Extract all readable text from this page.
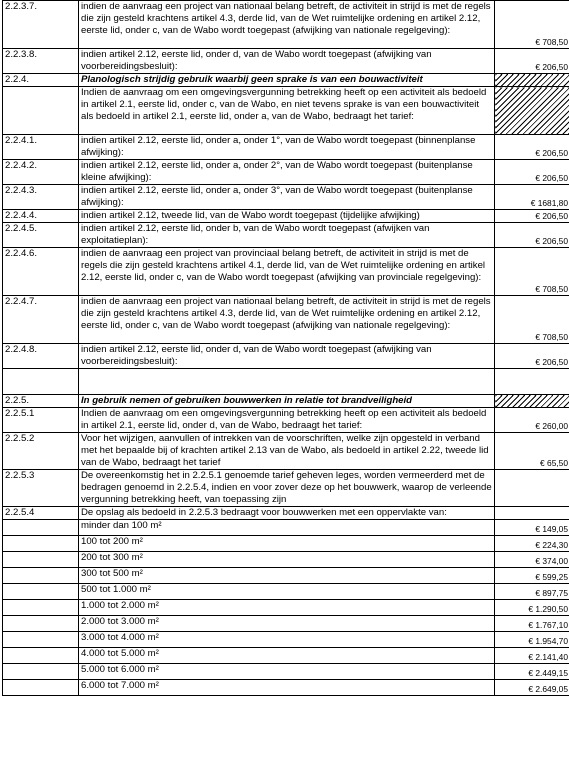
2.2.3.7.	indien de aanvraag een project van nationaal belang betreft, de activiteit in strijd is met de regels die zijn gesteld krachtens artikel 4.3, derde lid, van de Wet ruimtelijke ordening en artikel 2.12, eerste lid, onder c, van de Wabo wordt toegepast (afwijking van nationale regelgeving):	€ 708,50
2.2.3.8.	indien artikel 2.12, eerste lid, onder d, van de Wabo wordt toegepast (afwijking van voorbereidingsbesluit):	€ 206,50
2.2.4.	Planologisch strijdig gebruik waarbij geen sprake is van een bouwactiviteit	
	Indien de aanvraag om een omgevingsvergunning betrekking heeft op een activiteit als bedoeld in artikel 2.1, eerste lid, onder c, van de Wabo, en niet tevens sprake is van een bouwactiviteit als bedoeld in artikel 2.1, eerste lid, onder a, van de Wabo, bedraagt het tarief:	
2.2.4.1.	indien artikel 2.12, eerste lid, onder a, onder 1°, van de Wabo wordt toegepast (binnenplanse afwijking):	€ 206,50
2.2.4.2.	indien artikel 2.12, eerste lid, onder a, onder 2°, van de Wabo wordt toegepast (buitenplanse kleine afwijking):	€ 206,50
2.2.4.3.	indien artikel 2.12, eerste lid, onder a, onder 3°, van de Wabo wordt toegepast (buitenplanse afwijking):	€ 1681,80
2.2.4.4.	indien artikel 2.12, tweede lid, van de Wabo wordt toegepast (tijdelijke afwijking)	€ 206,50
2.2.4.5.	indien artikel 2.12, eerste lid, onder b, van de Wabo wordt toegepast (afwijken van exploitatieplan):	€ 206,50
2.2.4.6.	indien de aanvraag een project van provinciaal belang betreft, de activiteit in strijd is met de regels die zijn gesteld krachtens artikel 4.1, derde lid, van de Wet ruimtelijke ordening en artikel 2.12, eerste lid, onder c, van de Wabo wordt toegepast (afwijking van provinciale regelgeving):	€ 708,50
2.2.4.7.	indien de aanvraag een project van nationaal belang betreft, de activiteit in strijd is met de regels die zijn gesteld krachtens artikel 4.3, derde lid, van de Wet ruimtelijke ordening en artikel 2.12, eerste lid, onder c, van de Wabo wordt toegepast (afwijking van nationale regelgeving):	€ 708,50
2.2.4.8.	indien artikel 2.12, eerste lid, onder d, van de Wabo wordt toegepast (afwijking van voorbereidingsbesluit):	€ 206,50

2.2.5.	In gebruik nemen of gebruiken bouwwerken in relatie tot brandveiligheid	
2.2.5.1	Indien de aanvraag om een omgevingsvergunning betrekking heeft op een activiteit als bedoeld in artikel 2.1, eerste lid, onder d, van de Wabo, bedraagt het tarief:	€ 260,00
2.2.5.2	Voor het wijzigen, aanvullen of intrekken van de voorschriften, welke zijn opgesteld in verband met het bepaalde bij of krachten artikel 2.13 van de Wabo, als bedoeld in artikel 2.22, tweede lid van de Wabo, bedraagt het tarief	€ 65,50
2.2.5.3	De overeenkomstig het in 2.2.5.1 genoemde tarief geheven leges, worden vermeerderd met de bedragen genoemd in 2.2.5.4, indien en voor zover deze op het bouwwerk, waarop de verleende vergunning betrekking heeft, van toepassing zijn	
2.2.5.4	De opslag als bedoeld in 2.2.5.3 bedraagt voor bouwwerken met een oppervlakte van:	
	minder dan 100 m²	€ 149,05
	100 tot 200 m²	€ 224,30
	200 tot 300 m²	€ 374,00
	300 tot 500 m²	€ 599,25
	500 tot 1.000 m²	€ 897,75
	1.000 tot 2.000 m²	€ 1.290,50
	2.000 tot 3.000 m²	€ 1.767,10
	3.000 tot 4.000 m²	€ 1.954,70
	4.000 tot 5.000 m²	€ 2.141,40
	5.000 tot 6.000 m²	€ 2.449,15
	6.000 tot 7.000 m²	€ 2.649,05
